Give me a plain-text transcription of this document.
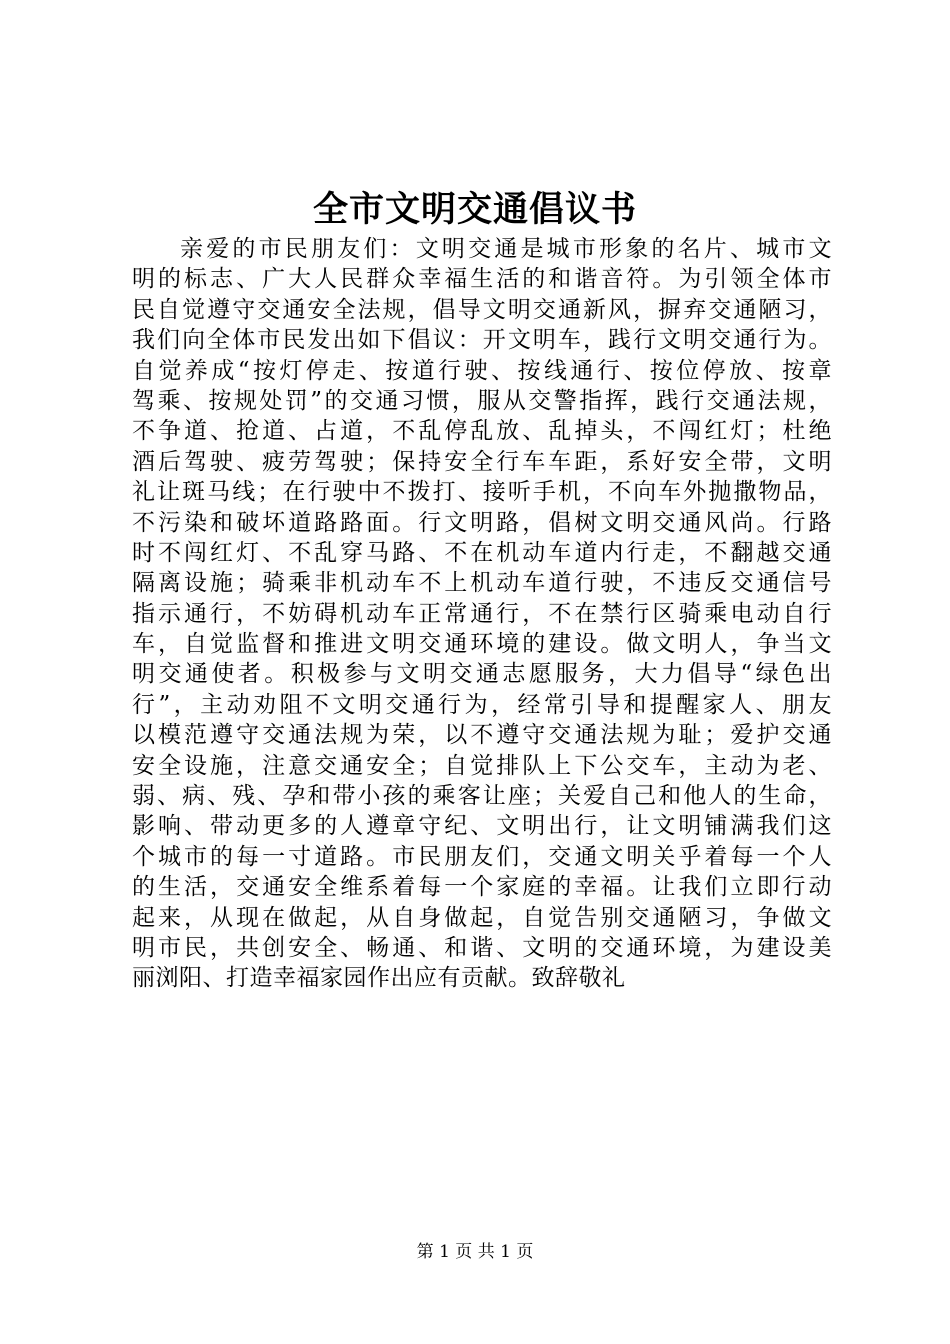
全市文明交通倡议书
亲爱的市民朋友们：文明交通是城市形象的名片、城市文
明的标志、广大人民群众幸福生活的和谐音符。为引领全体市
民自觉遵守交通安全法规，倡导文明交通新风，摒弃交通陋习，
我们向全体市民发出如下倡议：开文明车，践行文明交通行为。
自觉养成“按灯停走、按道行驶、按线通行、按位停放、按章
驾乘、按规处罚”的交通习惯，服从交警指挥，践行交通法规，
不争道、抢道、占道，不乱停乱放、乱掉头，不闯红灯；杜绝
酒后驾驶、疲劳驾驶；保持安全行车车距，系好安全带，文明
礼让斑马线；在行驶中不拨打、接听手机，不向车外抛撒物品，
不污染和破坏道路路面。行文明路，倡树文明交通风尚。行路
时不闯红灯、不乱穿马路、不在机动车道内行走，不翻越交通
隔离设施；骑乘非机动车不上机动车道行驶，不违反交通信号
指示通行，不妨碍机动车正常通行，不在禁行区骑乘电动自行
车，自觉监督和推进文明交通环境的建设。做文明人，争当文
明交通使者。积极参与文明交通志愿服务，大力倡导“绿色出
行”，主动劝阻不文明交通行为，经常引导和提醒家人、朋友
以模范遵守交通法规为荣，以不遵守交通法规为耻；爱护交通
安全设施，注意交通安全；自觉排队上下公交车，主动为老、
弱、病、残、孕和带小孩的乘客让座；关爱自己和他人的生命，
影响、带动更多的人遵章守纪、文明出行，让文明铺满我们这
个城市的每一寸道路。市民朋友们，交通文明关乎着每一个人
的生活，交通安全维系着每一个家庭的幸福。让我们立即行动
起来，从现在做起，从自身做起，自觉告别交通陋习，争做文
明市民，共创安全、畅通、和谐、文明的交通环境，为建设美
丽浏阳、打造幸福家园作出应有贡献。致辞敬礼
第 1 页 共 1 页
